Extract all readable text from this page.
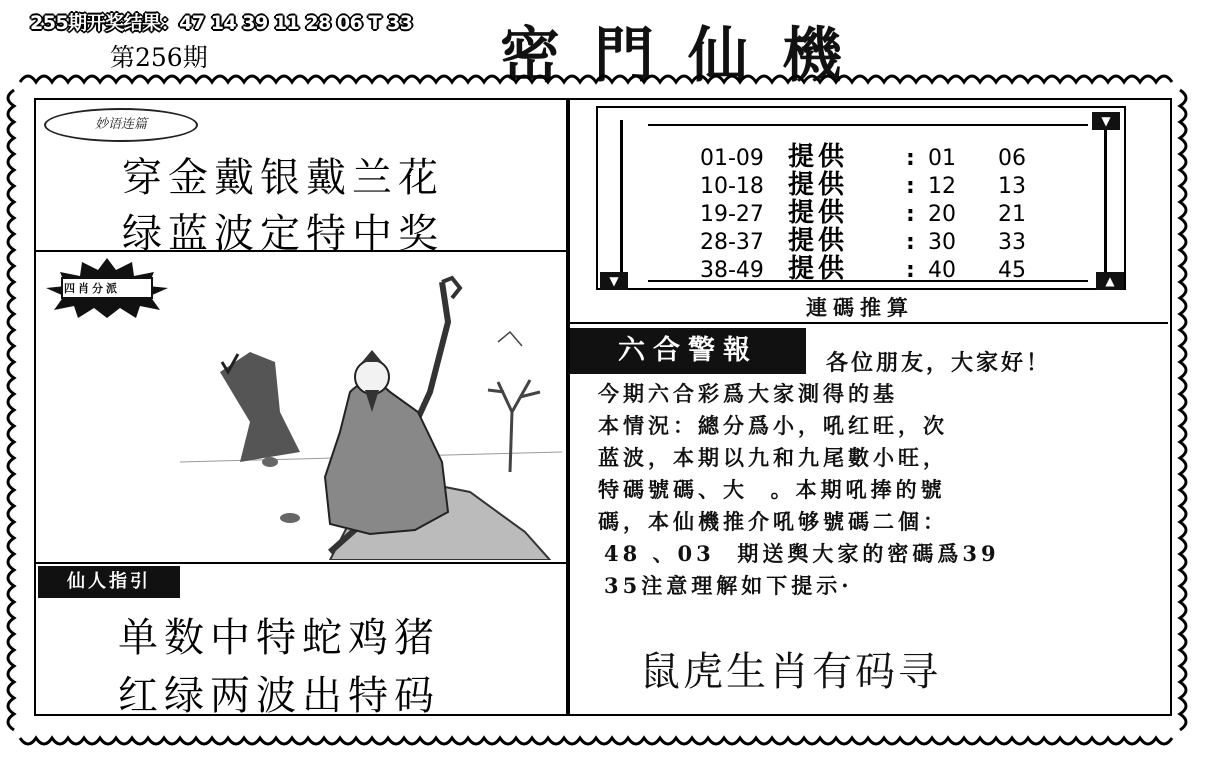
255期开奖结果：47 14 39 11 28 06 T 33
第256期	密門仙機
妙语连篇
穿金戴银戴兰花
绿蓝波定特中奖
四肖分派
仙人指引
单数中特蛇鸡猪
红绿两波出特码
▼
▼	▲
01-09 提供	: 01 06
10-18 提供	: 12 13
19-27 提供	: 20 21
28-37 提供	: 30 33
38-49 提供	: 40 45
連碼推算
六合警報	各位朋友，大家好！
今期六合彩爲大家測得的基
本情況：總分爲小，吼红旺，次
蓝波，本期以九和九尾數小旺，
特碼號碼、大  。本期吼捧的號
碼，本仙機推介吼够號碼二個：
48 、03  期送舆大家的密碼爲39
35注意理解如下提示·
鼠虎生肖有码寻
